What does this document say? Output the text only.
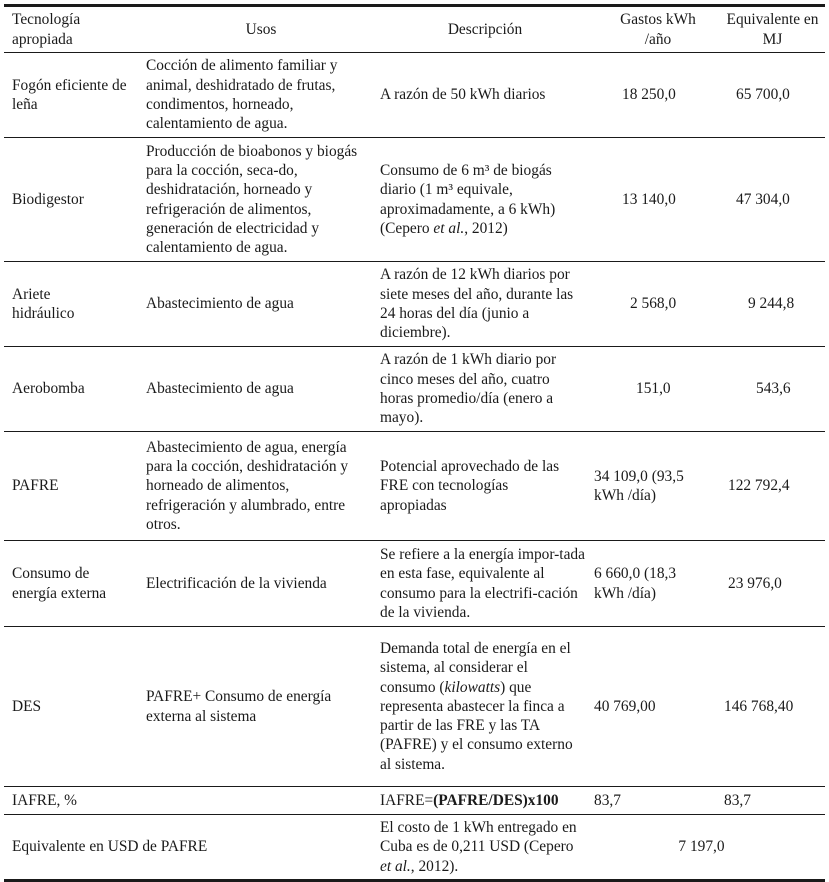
Tecnología apropiada	Usos	Descripción	Gastos kWh /año	Equivalente en MJ
Fogón eficiente de leña	Cocción de alimento familiar y animal, deshidratado de frutas, condimentos, horneado, calentamiento de agua.	A razón de 50 kWh diarios	18 250,0	65 700,0
Biodigestor	Producción de bioabonos y biogás para la cocción, seca-do, deshidratación, horneado y refrigeración de alimentos, generación de electricidad y calentamiento de agua.	Consumo de 6 m³ de biogás diario (1 m³ equivale, aproximadamente, a 6 kWh) (Cepero et al., 2012)	13 140,0	47 304,0
Ariete hidráulico	Abastecimiento de agua	A razón de 12 kWh diarios por siete meses del año, durante las 24 horas del día (junio a diciembre).	2 568,0	9 244,8
Aerobomba	Abastecimiento de agua	A razón de 1 kWh diario por cinco meses del año, cuatro horas promedio/día (enero a mayo).	151,0	543,6
PAFRE	Abastecimiento de agua, energía para la cocción, deshidratación y horneado de alimentos, refrigeración y alumbrado, entre otros.	Potencial aprovechado de las FRE con tecnologías apropiadas	34 109,0 (93,5 kWh /día)	122 792,4
Consumo de energía externa	Electrificación de la vivienda	Se refiere a la energía impor-tada en esta fase, equivalente al consumo para la electrifi-cación de la vivienda.	6 660,0 (18,3 kWh /día)	23 976,0
DES	PAFRE+ Consumo de energía externa al sistema	Demanda total de energía en el sistema, al considerar el consumo (kilowatts) que representa abastecer la finca a partir de las FRE y las TA (PAFRE) y el consumo externo al sistema.	40 769,00	146 768,40
IAFRE, %		IAFRE=(PAFRE/DES)x100	83,7	83,7
Equivalente en USD de PAFRE		El costo de 1 kWh entregado en Cuba es de 0,211 USD (Cepero et al., 2012).	7 197,0	
